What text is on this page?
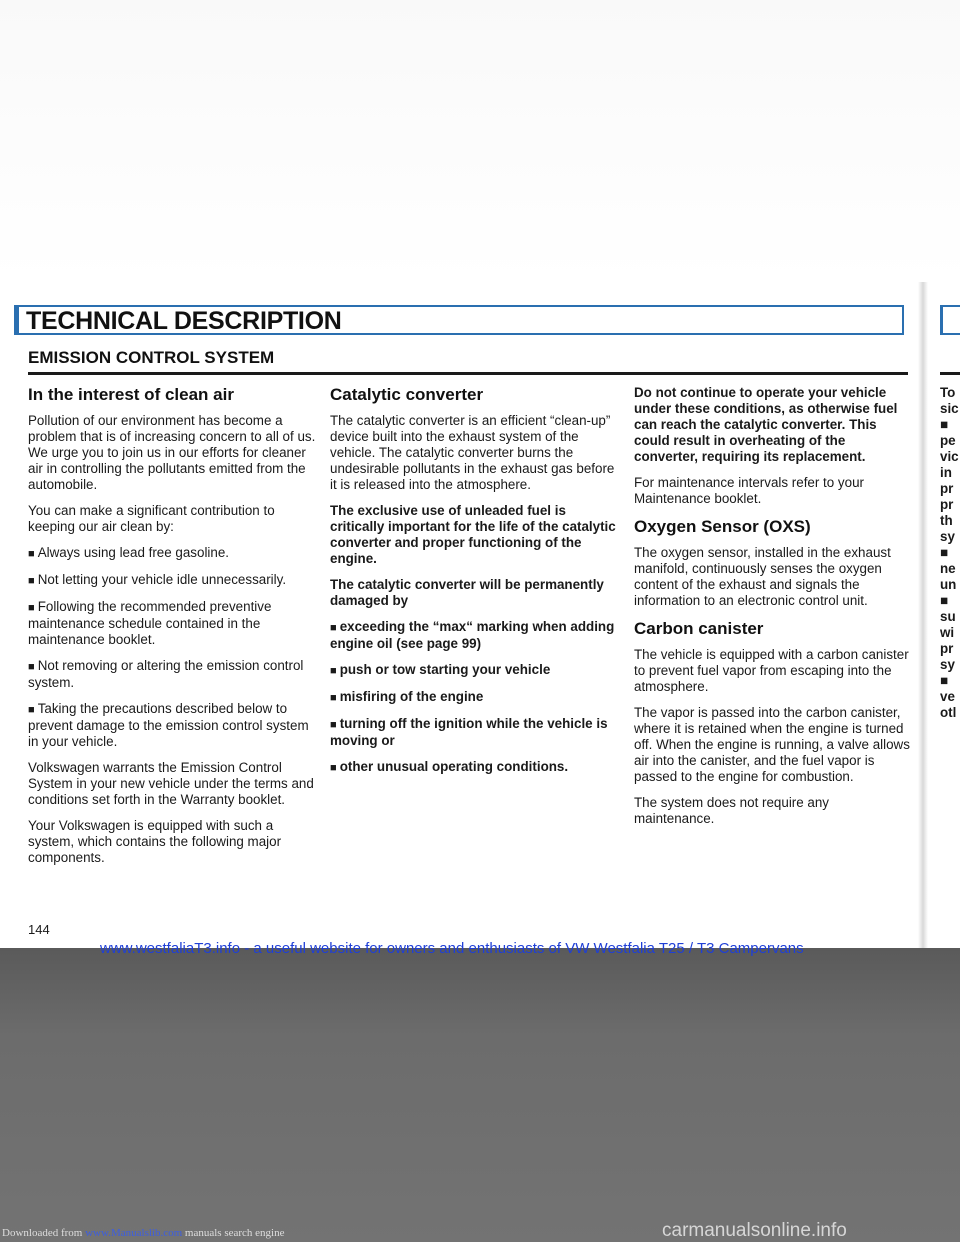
TECHNICAL DESCRIPTION
EMISSION CONTROL SYSTEM
In the interest of clean air

Pollution of our environment has become a problem that is of increasing concern to all of us. We urge you to join us in our efforts for cleaner air in controlling the pollutants emitted from the automobile.

You can make a significant contribution to keeping our air clean by:

■ Always using lead free gasoline.

■ Not letting your vehicle idle unnecessarily.

■ Following the recommended preventive maintenance schedule contained in the maintenance booklet.

■ Not removing or altering the emission control system.

■ Taking the precautions described below to prevent damage to the emission control system in your vehicle.

Volkswagen warrants the Emission Control System in your new vehicle under the terms and conditions set forth in the Warranty booklet.

Your Volkswagen is equipped with such a system, which contains the following major components.

Catalytic converter

The catalytic converter is an efficient “clean-up” device built into the exhaust system of the vehicle. The catalytic converter burns the undesirable pollutants in the exhaust gas before it is released into the atmosphere.

The exclusive use of unleaded fuel is critically important for the life of the catalytic converter and proper functioning of the engine.

The catalytic converter will be permanently damaged by

■ exceeding the “max“ marking when adding engine oil (see page 99)

■ push or tow starting your vehicle

■ misfiring of the engine

■ turning off the ignition while the vehicle is moving or

■ other unusual operating conditions.

Do not continue to operate your vehicle under these conditions, as otherwise fuel can reach the catalytic converter. This could result in overheating of the converter, requiring its replacement.

For maintenance intervals refer to your Maintenance booklet.

Oxygen Sensor (OXS)

The oxygen sensor, installed in the exhaust manifold, continuously senses the oxygen content of the exhaust and signals the information to an electronic control unit.

Carbon canister

The vehicle is equipped with a carbon canister to prevent fuel vapor from escaping into the atmosphere.

The vapor is passed into the carbon canister, where it is retained when the engine is turned off. When the engine is running, a valve allows air into the canister, and the fuel vapor is passed to the engine for combustion.

The system does not require any maintenance.

To
sic
■
pe
vic
in
pr
pr
th
sy
■
ne
un
■
su
wi
pr
sy
■
ve
otl
144
www.westfaliaT3.info - a useful website for owners and enthusiasts of VW Westfalia T25 / T3 Campervans
Downloaded from www.Manualslib.com manuals search engine	carmanualsonline.info
